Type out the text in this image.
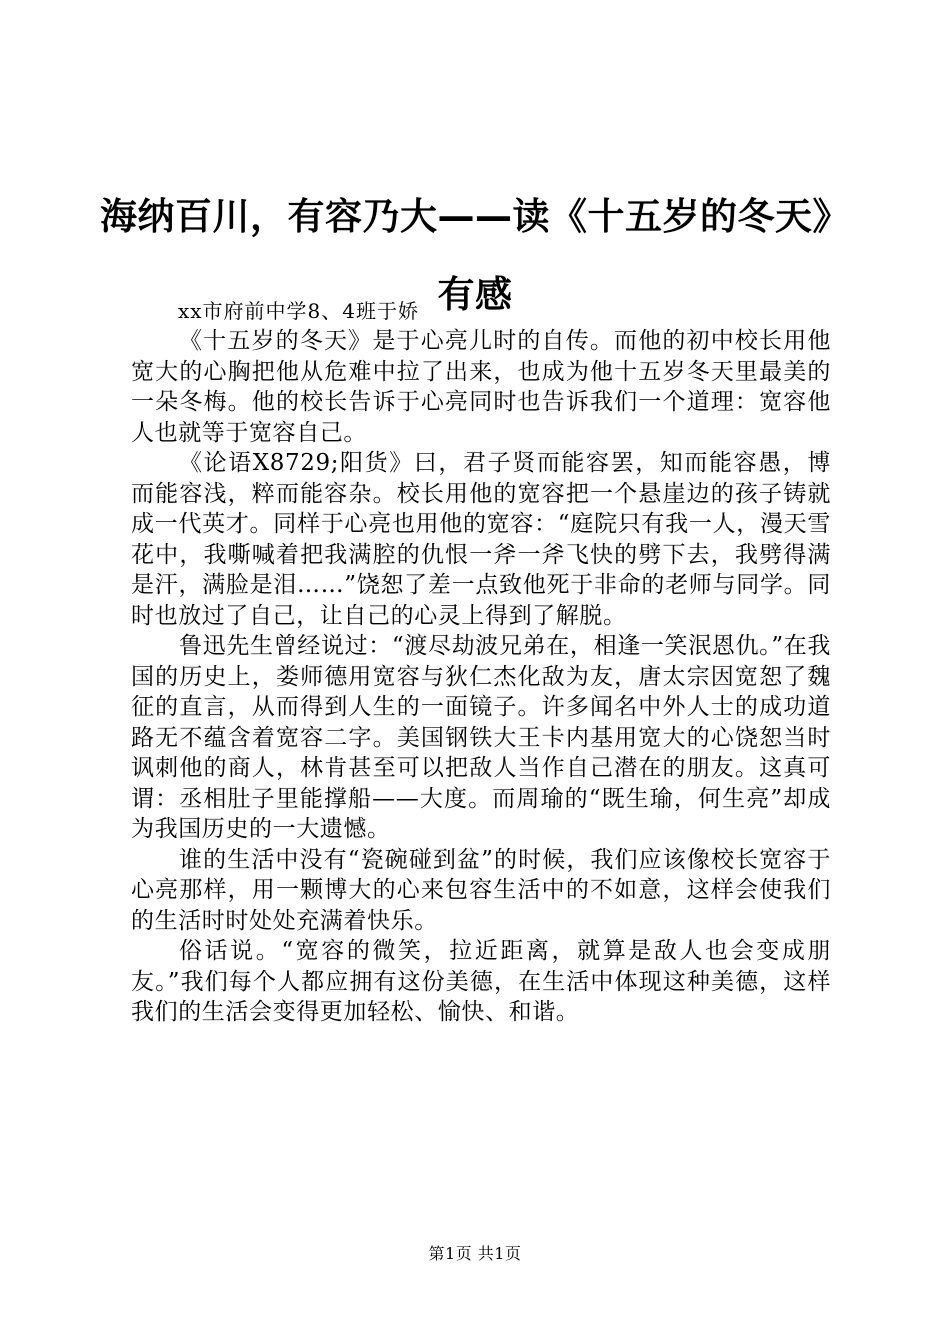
海纳百川，有容乃大——读《十五岁的冬天》有感

xx市府前中学8、4班于娇

《十五岁的冬天》是于心亮儿时的自传。而他的初中校长用他宽大的心胸把他从危难中拉了出来，也成为他十五岁冬天里最美的一朵冬梅。他的校长告诉于心亮同时也告诉我们一个道理：宽容他人也就等于宽容自己。

《论语X8729;阳货》曰，君子贤而能容罢，知而能容愚，博而能容浅，粹而能容杂。校长用他的宽容把一个悬崖边的孩子铸就成一代英才。同样于心亮也用他的宽容：“庭院只有我一人，漫天雪花中，我嘶喊着把我满腔的仇恨一斧一斧飞快的劈下去，我劈得满是汗，满脸是泪……”饶恕了差一点致他死于非命的老师与同学。同时也放过了自己，让自己的心灵上得到了解脱。

鲁迅先生曾经说过：“渡尽劫波兄弟在，相逢一笑泯恩仇。”在我国的历史上，娄师德用宽容与狄仁杰化敌为友，唐太宗因宽恕了魏征的直言，从而得到人生的一面镜子。许多闻名中外人士的成功道路无不蕴含着宽容二字。美国钢铁大王卡内基用宽大的心饶恕当时讽刺他的商人，林肯甚至可以把敌人当作自己潜在的朋友。这真可谓：丞相肚子里能撑船——大度。而周瑜的“既生瑜，何生亮”却成为我国历史的一大遗憾。

谁的生活中没有“瓷碗碰到盆”的时候，我们应该像校长宽容于心亮那样，用一颗博大的心来包容生活中的不如意，这样会使我们的生活时时处处充满着快乐。

俗话说。“宽容的微笑，拉近距离，就算是敌人也会变成朋友。”我们每个人都应拥有这份美德，在生活中体现这种美德，这样我们的生活会变得更加轻松、愉快、和谐。

第1页 共1页
